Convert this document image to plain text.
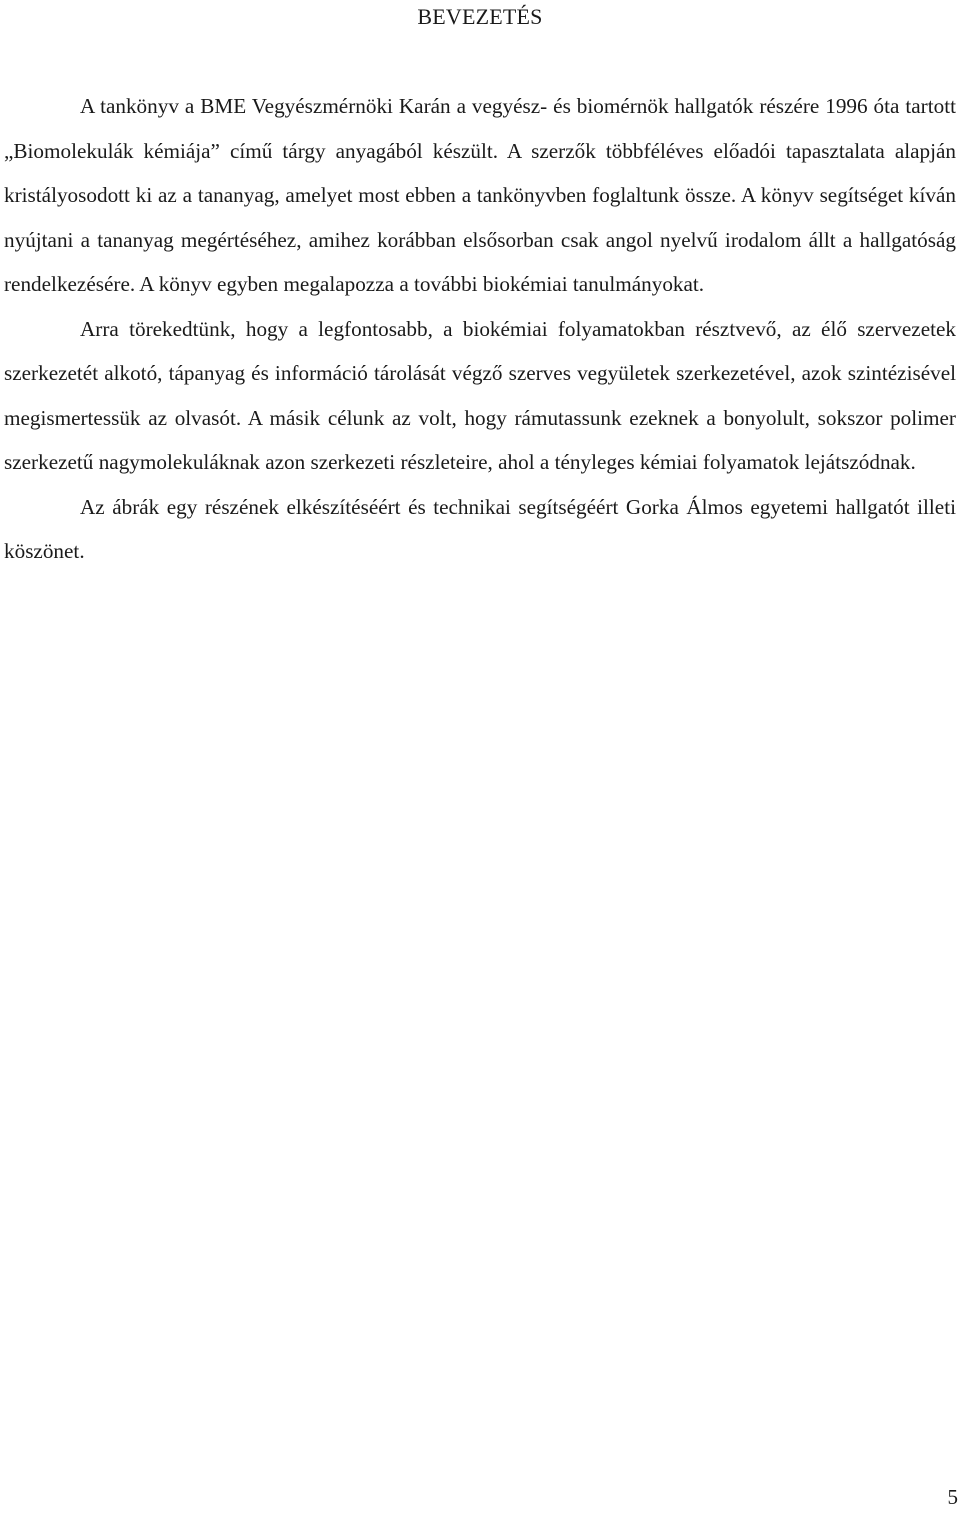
BEVEZETÉS

A tankönyv a BME Vegyészmérnöki Karán a vegyész- és biomérnök hallgatók részére 1996 óta tartott „Biomolekulák kémiája” című tárgy anyagából készült. A szerzők többféléves előadói tapasztalata alapján kristályosodott ki az a tananyag, amelyet most ebben a tankönyvben foglaltunk össze. A könyv segítséget kíván nyújtani a tananyag megértéséhez, amihez korábban elsősorban csak angol nyelvű irodalom állt a hallgatóság rendelkezésére. A könyv egyben megalapozza a további biokémiai tanulmányokat.

Arra törekedtünk, hogy a legfontosabb, a biokémiai folyamatokban résztvevő, az élő szervezetek szerkezetét alkotó, tápanyag és információ tárolását végző szerves vegyületek szerkezetével, azok szintézisével megismertessük az olvasót. A másik célunk az volt, hogy rámutassunk ezeknek a bonyolult, sokszor polimer szerkezetű nagymolekuláknak azon szerkezeti részleteire, ahol a tényleges kémiai folyamatok lejátszódnak.

Az ábrák egy részének elkészítéséért és technikai segítségéért Gorka Álmos egyetemi hallgatót illeti köszönet.

5
